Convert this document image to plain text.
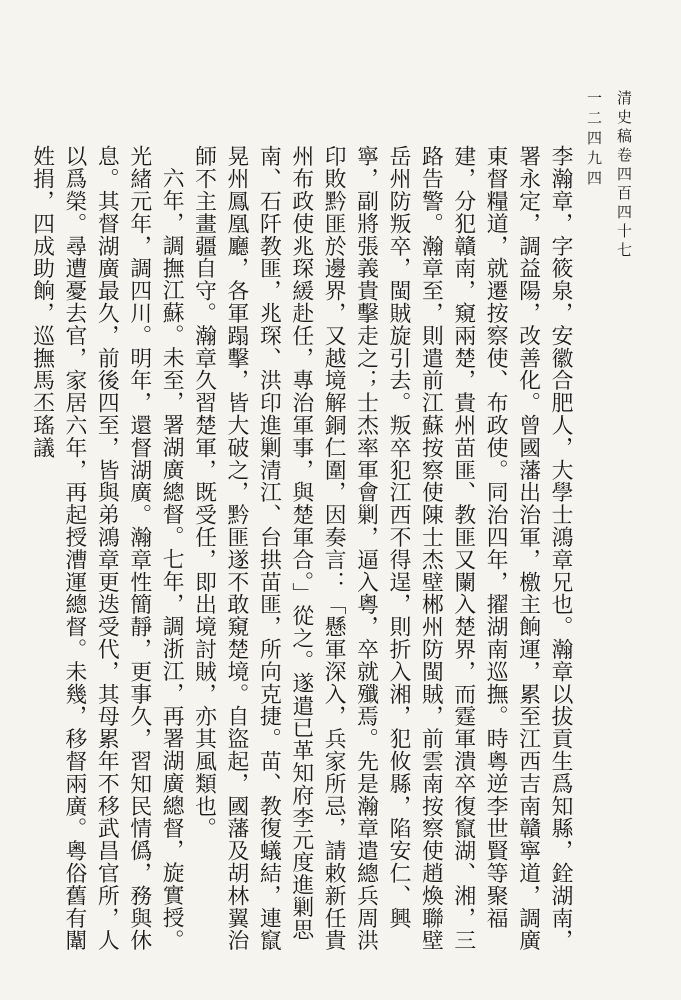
清史稿卷四百四十七
一二四九四

李瀚章，字筱泉，安徽合肥人，大學士鴻章兄也。瀚章以拔貢生爲知縣，銓湖南，署永定，調益陽，改善化。曾國藩出治軍，檄主餉運，累至江西吉南贛寧道，調廣東督糧道，就遷按察使、布政使。同治四年，擢湖南巡撫。時粵逆李世賢等聚福建，分犯贛南，窺兩楚，貴州苗匪、教匪又闌入楚界，而霆軍潰卒復竄湖、湘，三路告警。瀚章至，則遣前江蘇按察使陳士杰壁郴州防閩賊，前雲南按察使趙煥聯壁岳州防叛卒，閩賊旋引去。叛卒犯江西不得逞，則折入湘，犯攸縣，陷安仁、興寧，副將張義貴擊走之；士杰率軍會剿，逼入粵，卒就殲焉。先是瀚章遣總兵周洪印敗黔匪於邊界，又越境解銅仁圍，因奏言：「懸軍深入，兵家所忌，請敕新任貴州布政使兆琛緩赴任，專治軍事，與楚軍合。」從之。遂遣已革知府李元度進剿思南、石阡教匪，兆琛、洪印進剿清江、台拱苗匪，所向克捷。苗、教復蟻結，連竄晃州鳳凰廳，各軍蹋擊，皆大破之，黔匪遂不敢窺楚境。自盜起，國藩及胡林翼治師不主畫疆自守。瀚章久習楚軍，既受任，即出境討賊，亦其風類也。

六年，調撫江蘇。未至，署湖廣總督。七年，調浙江，再署湖廣總督，旋實授。光緒元年，調四川。明年，還督湖廣。瀚章性簡靜，更事久，習知民情僞，務與休息。其督湖廣最久，前後四至，皆與弟鴻章更迭受代，其母累年不移武昌官所，人以爲榮。尋遭憂去官，家居六年，再起授漕運總督。未幾，移督兩廣。粵俗舊有闈姓捐，四成助餉，巡撫馬丕瑤議
